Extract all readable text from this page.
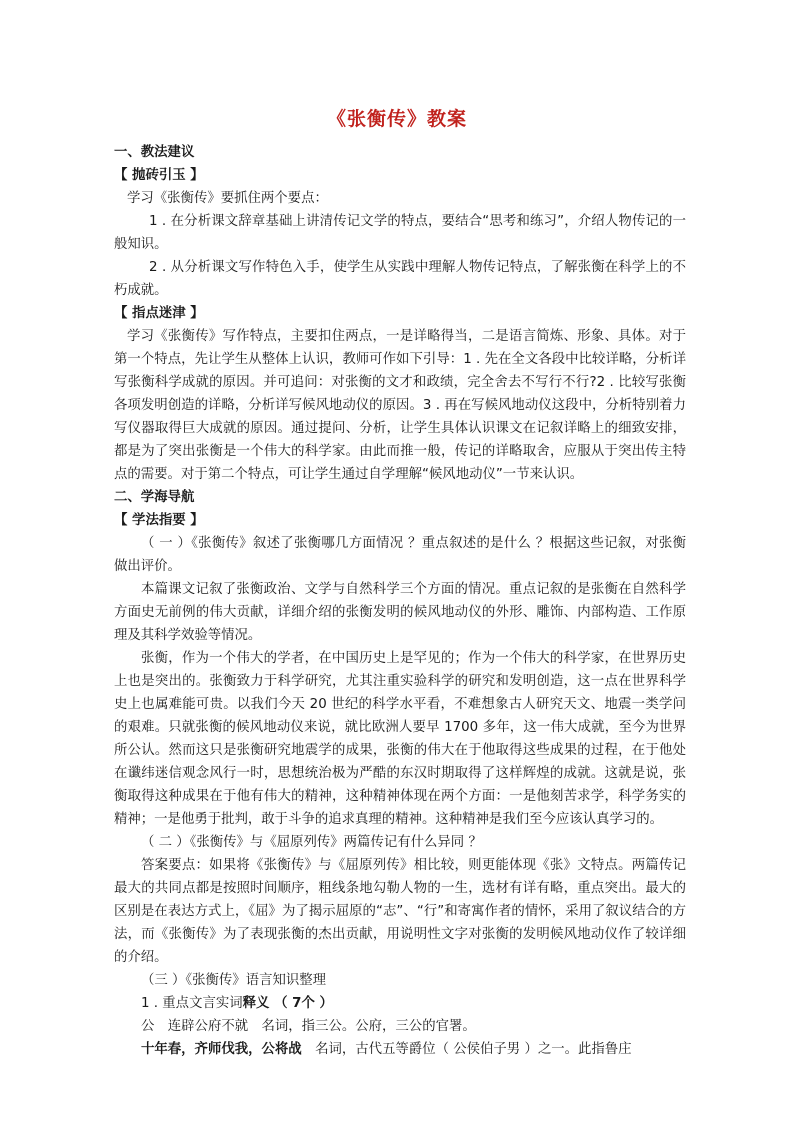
《张衡传》教案

一、教法建议

【 抛砖引玉 】

学习《张衡传》要抓住两个要点：

1 . 在分析课文辞章基础上讲清传记文学的特点，要结合“思考和练习”，介绍人物传记的一般知识。

2 . 从分析课文写作特色入手，使学生从实践中理解人物传记特点，了解张衡在科学上的不朽成就。

【 指点迷津 】

学习《张衡传》写作特点，主要扣住两点，一是详略得当，二是语言简炼、形象、具体。对于第一个特点，先让学生从整体上认识，教师可作如下引导：1 . 先在全文各段中比较详略，分析详写张衡科学成就的原因。并可追问：对张衡的文才和政绩，完全舍去不写行不行?2 . 比较写张衡各项发明创造的详略，分析详写候风地动仪的原因。3 . 再在写候风地动仪这段中，分析特别着力写仪器取得巨大成就的原因。通过提问、分析，让学生具体认识课文在记叙详略上的细致安排，都是为了突出张衡是一个伟大的科学家。由此而推一般，传记的详略取舍，应服从于突出传主特点的需要。对于第二个特点，可让学生通过自学理解“候风地动仪”一节来认识。

二、学海导航

【 学法指要 】

（ 一 ）《张衡传》叙述了张衡哪几方面情况 ？重点叙述的是什么 ？根据这些记叙，对张衡做出评价。

本篇课文记叙了张衡政治、文学与自然科学三个方面的情况。重点记叙的是张衡在自然科学方面史无前例的伟大贡献，详细介绍的张衡发明的候风地动仪的外形、雕饰、内部构造、工作原理及其科学效验等情况。

张衡，作为一个伟大的学者，在中国历史上是罕见的；作为一个伟大的科学家，在世界历史上也是突出的。张衡致力于科学研究，尤其注重实验科学的研究和发明创造，这一点在世界科学史上也属难能可贵。以我们今天 20 世纪的科学水平看，不难想象古人研究天文、地震一类学问的艰难。只就张衡的候风地动仪来说，就比欧洲人要早 1700 多年，这一伟大成就，至今为世界所公认。然而这只是张衡研究地震学的成果，张衡的伟大在于他取得这些成果的过程，在于他处在谶纬迷信观念风行一时，思想统治极为严酷的东汉时期取得了这样辉煌的成就。这就是说，张衡取得这种成果在于他有伟大的精神，这种精神体现在两个方面：一是他刻苦求学，科学务实的精神；一是他勇于批判，敢于斗争的追求真理的精神。这种精神是我们至今应该认真学习的。

（ 二 ）《张衡传》与《屈原列传》两篇传记有什么异同 ？

答案要点：如果将《张衡传》与《屈原列传》相比较，则更能体现《张》文特点。两篇传记最大的共同点都是按照时间顺序，粗线条地勾勒人物的一生，选材有详有略，重点突出。最大的区别是在表达方式上，《屈》为了揭示屈原的“志”、“行”和寄寓作者的情怀，采用了叙议结合的方法，而《张衡传》为了表现张衡的杰出贡献，用说明性文字对张衡的发明候风地动仪作了较详细的介绍。

（三 ）《张衡传》语言知识整理

1 . 重点文言实词释义 （ 7个 ）

公　连辟公府不就　名词，指三公。公府，三公的官署。

十年春，齐师伐我，公将战　名词，古代五等爵位（ 公侯伯子男 ）之一。此指鲁庄
